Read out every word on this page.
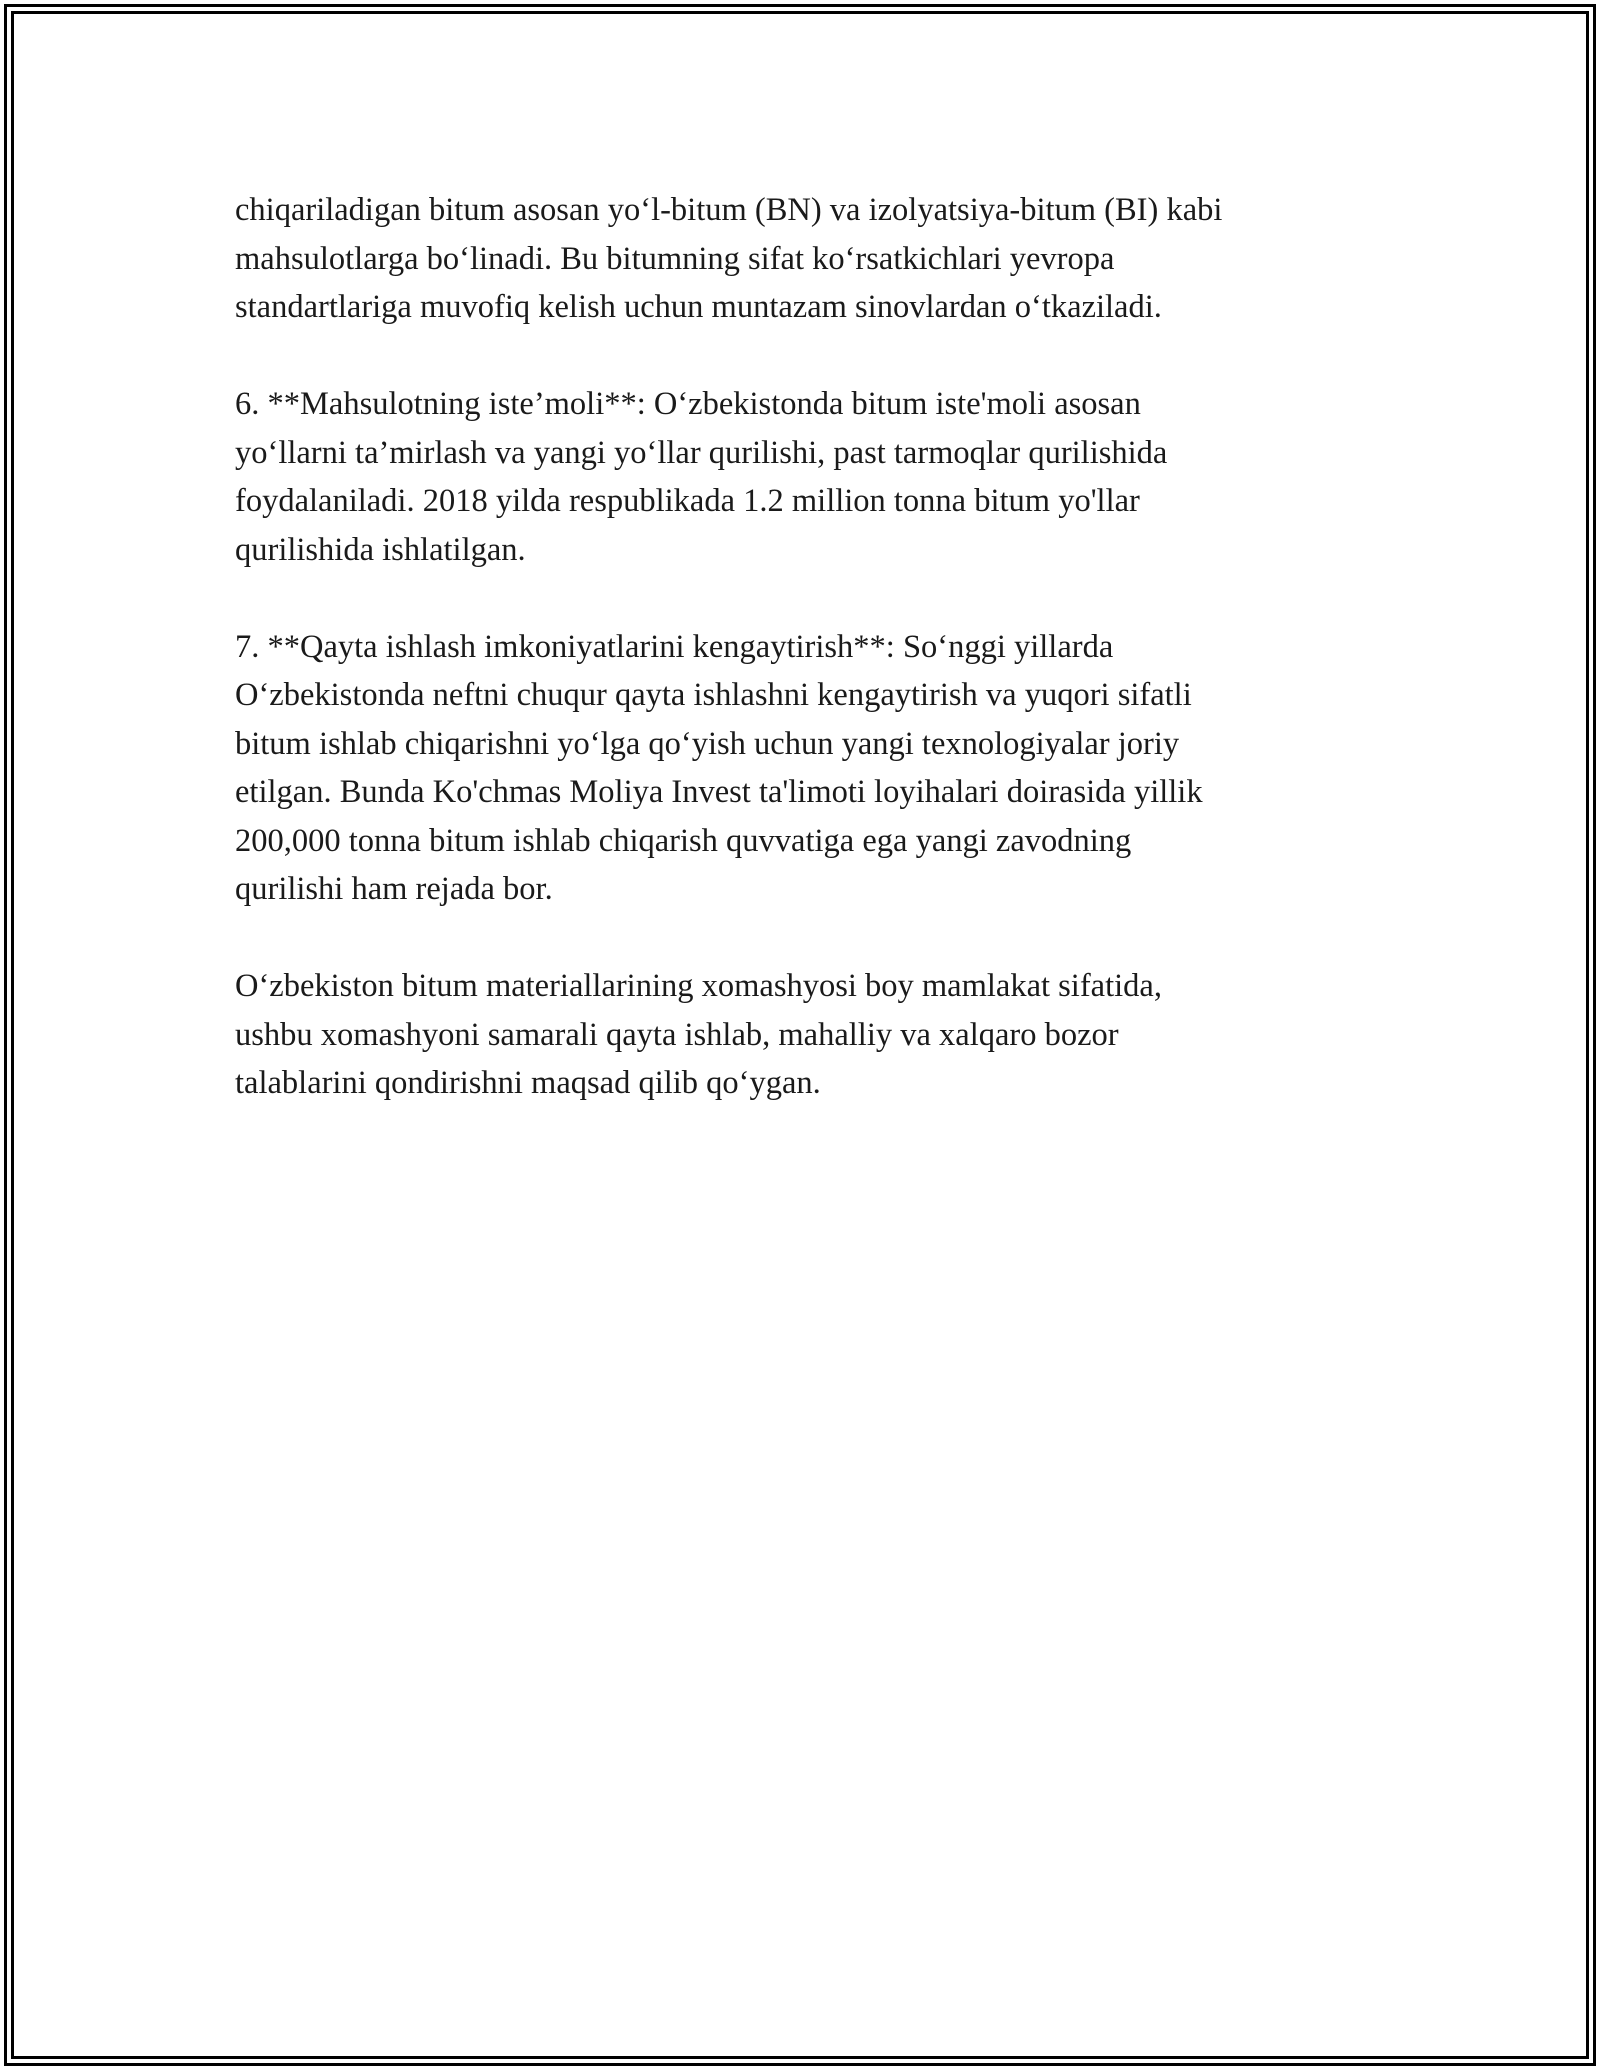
chiqariladigan bitum asosan yo‘l-bitum (BN) va izolyatsiya-bitum (BI) kabi
mahsulotlarga bo‘linadi. Bu bitumning sifat ko‘rsatkichlari yevropa
standartlariga muvofiq kelish uchun muntazam sinovlardan o‘tkaziladi.

6. **Mahsulotning iste’moli**: O‘zbekistonda bitum iste'moli asosan
yo‘llarni ta’mirlash va yangi yo‘llar qurilishi, past tarmoqlar qurilishida
foydalaniladi. 2018 yilda respublikada 1.2 million tonna bitum yo'llar
qurilishida ishlatilgan.

7. **Qayta ishlash imkoniyatlarini kengaytirish**: So‘nggi yillarda
O‘zbekistonda neftni chuqur qayta ishlashni kengaytirish va yuqori sifatli
bitum ishlab chiqarishni yo‘lga qo‘yish uchun yangi texnologiyalar joriy
etilgan. Bunda Ko'chmas Moliya Invest ta'limoti loyihalari doirasida yillik
200,000 tonna bitum ishlab chiqarish quvvatiga ega yangi zavodning
qurilishi ham rejada bor.

O‘zbekiston bitum materiallarining xomashyosi boy mamlakat sifatida,
ushbu xomashyoni samarali qayta ishlab, mahalliy va xalqaro bozor
talablarini qondirishni maqsad qilib qo‘ygan.
